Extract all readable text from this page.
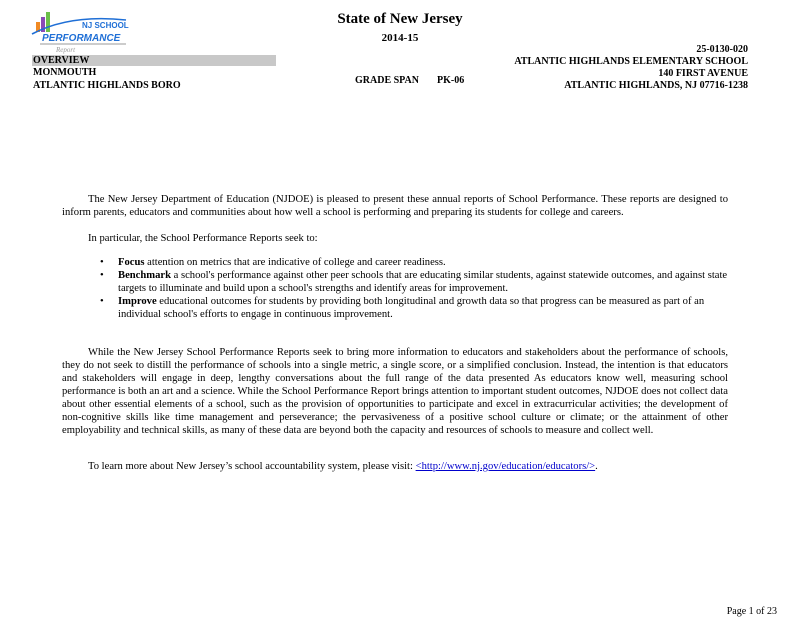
NJ SCHOOL
PERFORMANCE
Report
State of New Jersey
2014-15
OVERVIEW
MONMOUTH
ATLANTIC HIGHLANDS BORO	GRADE SPAN PK-06
25-0130-020
ATLANTIC HIGHLANDS ELEMENTARY SCHOOL
140 FIRST AVENUE
ATLANTIC HIGHLANDS, NJ 07716-1238
The New Jersey Department of Education (NJDOE) is pleased to present these annual reports of School Performance. These reports are designed to inform parents, educators and communities about how well a school is performing and preparing its students for college and careers.
In particular, the School Performance Reports seek to:

• Focus attention on metrics that are indicative of college and career readiness.

• Benchmark a school's performance against other peer schools that are educating similar students, against statewide outcomes, and against state targets to illuminate and build upon a school's strengths and identify areas for improvement.

• Improve educational outcomes for students by providing both longitudinal and growth data so that progress can be measured as part of an individual school's efforts to engage in continuous improvement.

While the New Jersey School Performance Reports seek to bring more information to educators and stakeholders about the performance of schools, they do not seek to distill the performance of schools into a single metric, a single score, or a simplified conclusion. Instead, the intention is that educators and stakeholders will engage in deep, lengthy conversations about the full range of the data presented As educators know well, measuring school performance is both an art and a science. While the School Performance Report brings attention to important student outcomes, NJDOE does not collect data about other essential elements of a school, such as the provision of opportunities to participate and excel in extracurricular activities; the development of non-cognitive skills like time management and perseverance; the pervasiveness of a positive school culture or climate; or the attainment of other employability and technical skills, as many of these data are beyond both the capacity and resources of schools to measure and collect well.
To learn more about New Jersey’s school accountability system, please visit: <http://www.nj.gov/education/educators/>.
Page 1 of 23
